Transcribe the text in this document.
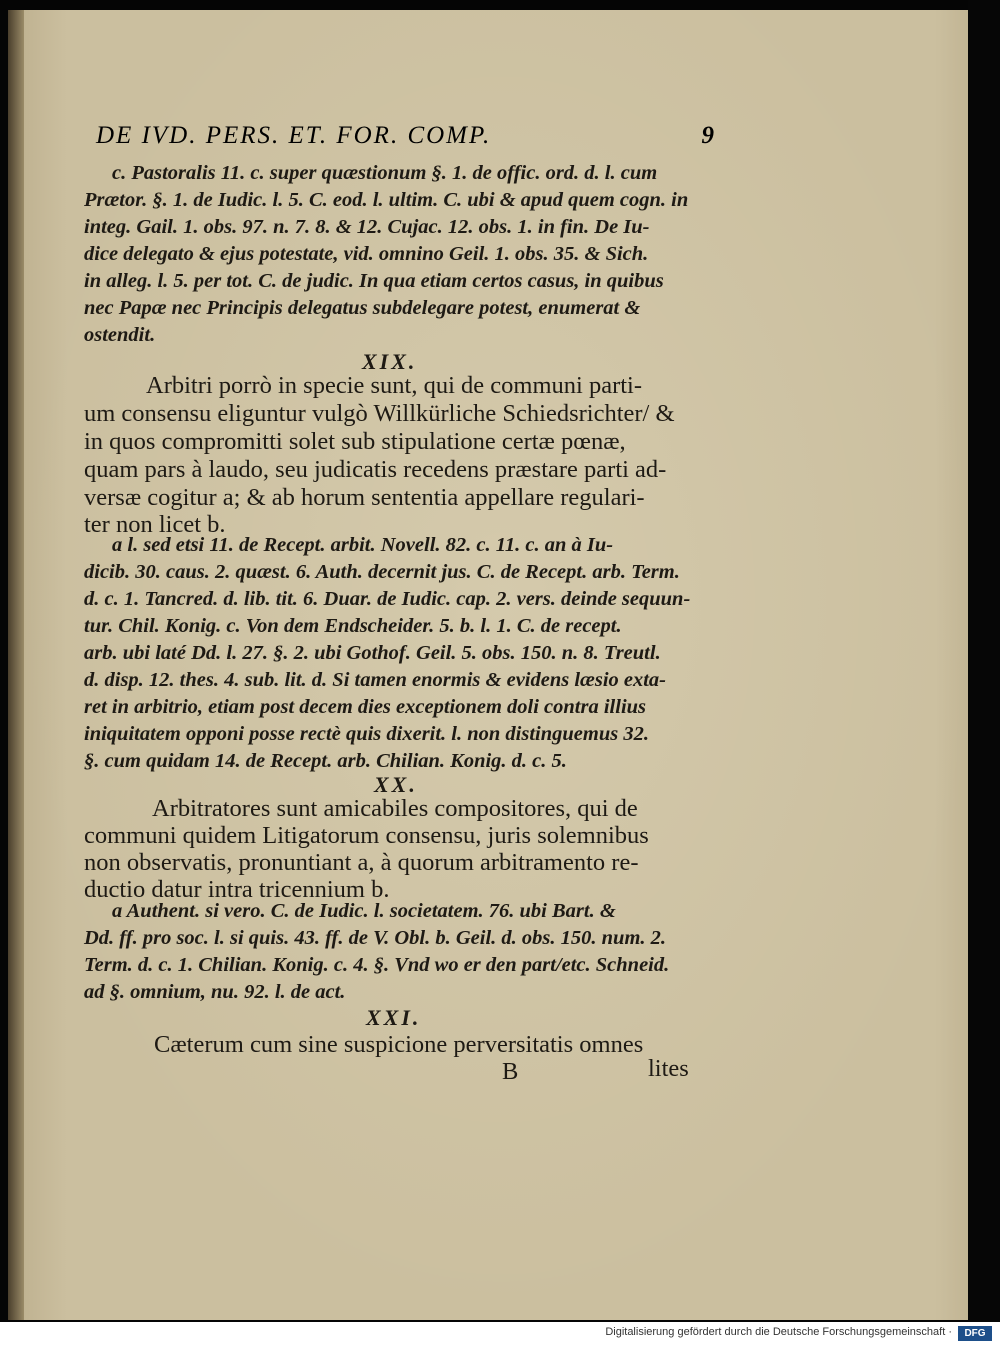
DE IVD. PERS. ET. FOR. COMP.	9
c. Pastoralis 11. c. super quæstionum §. 1. de offic. ord. d. l. cum
Prætor. §. 1. de Iudic. l. 5. C. eod. l. ultim. C. ubi & apud quem cogn. in
integ. Gail. 1. obs. 97. n. 7. 8. & 12. Cujac. 12. obs. 1. in fin. De Iu-
dice delegato & ejus potestate, vid. omnino Geil. 1. obs. 35. & Sich.
in alleg. l. 5. per tot. C. de judic. In qua etiam certos casus, in quibus
nec Papæ nec Principis delegatus subdelegare potest, enumerat &
ostendit.
XIX.
Arbitri porrò in specie sunt, qui de communi parti-
um consensu eliguntur vulgò Willkürliche Schiedsrichter/ &
in quos compromitti solet sub stipulatione certæ pœnæ,
quam pars à laudo, seu judicatis recedens præstare parti ad-
versæ cogitur a; & ab horum sententia appellare regulari-
ter non licet b.
a l. sed etsi 11. de Recept. arbit. Novell. 82. c. 11. c. an à Iu-
dicib. 30. caus. 2. quæst. 6. Auth. decernit jus. C. de Recept. arb. Term.
d. c. 1. Tancred. d. lib. tit. 6. Duar. de Iudic. cap. 2. vers. deinde sequun-
tur. Chil. Konig. c. Von dem Endscheider. 5. b. l. 1. C. de recept.
arb. ubi laté Dd. l. 27. §. 2. ubi Gothof. Geil. 5. obs. 150. n. 8. Treutl.
d. disp. 12. thes. 4. sub. lit. d. Si tamen enormis & evidens læsio exta-
ret in arbitrio, etiam post decem dies exceptionem doli contra illius
iniquitatem opponi posse rectè quis dixerit. l. non distinguemus 32.
§. cum quidam 14. de Recept. arb. Chilian. Konig. d. c. 5.
XX.
Arbitratores sunt amicabiles compositores, qui de
communi quidem Litigatorum consensu, juris solemnibus
non observatis, pronuntiant a, à quorum arbitramento re-
ductio datur intra tricennium b.
a Authent. si vero. C. de Iudic. l. societatem. 76. ubi Bart. &
Dd. ff. pro soc. l. si quis. 43. ff. de V. Obl. b. Geil. d. obs. 150. num. 2.
Term. d. c. 1. Chilian. Konig. c. 4. §. Vnd wo er den part/etc. Schneid.
ad §. omnium, nu. 92. l. de act.
XXI.
Cæterum cum sine suspicione perversitatis omnes
B	lites
Digitalisierung gefördert durch die Deutsche Forschungsgemeinschaft ·	DFG
